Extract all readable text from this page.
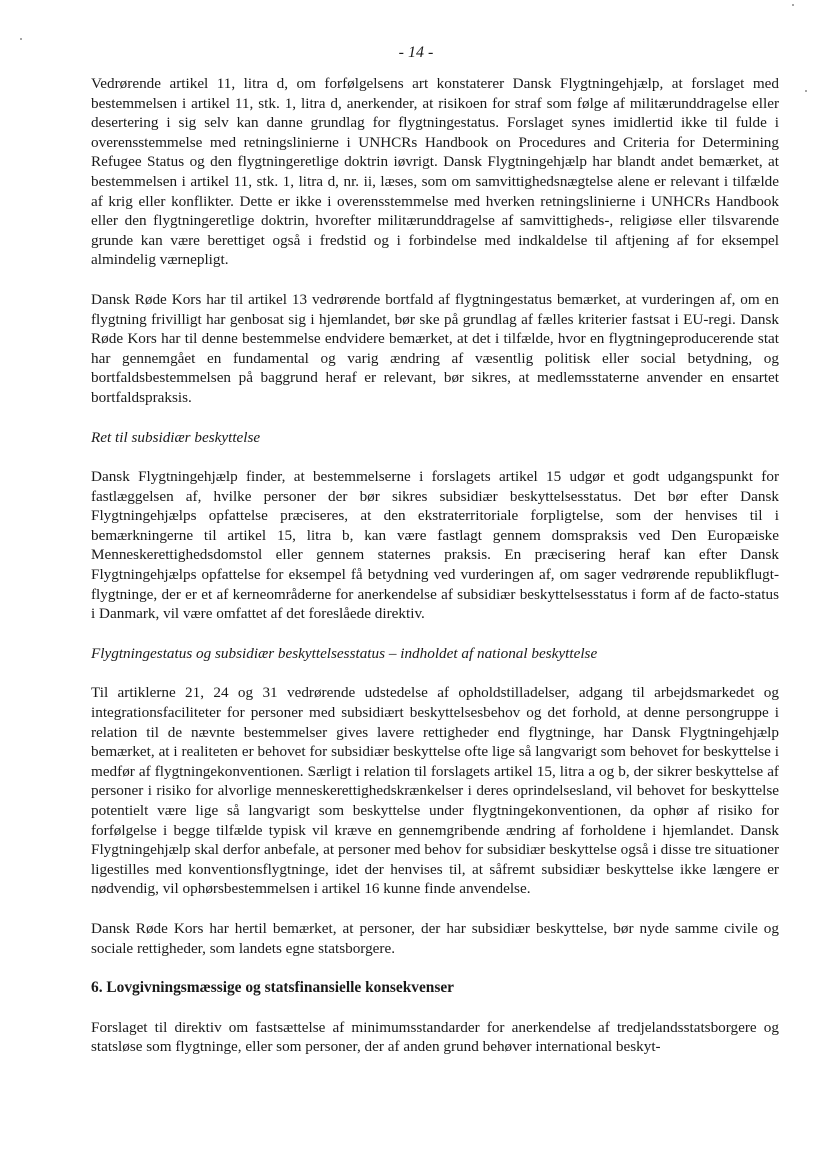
- 14 -

Vedrørende artikel 11, litra d, om forfølgelsens art konstaterer Dansk Flygtningehjælp, at forslaget med bestemmelsen i artikel 11, stk. 1, litra d, anerkender, at risikoen for straf som følge af militærunddragelse eller desertering i sig selv kan danne grundlag for flygtningestatus. Forslaget synes imidlertid ikke til fulde i overensstemmelse med retningslinierne i UNHCRs Handbook on Procedures and Criteria for Determining Refugee Status og den flygtningeretlige doktrin iøvrigt. Dansk Flygtningehjælp har blandt andet bemærket, at bestemmelsen i artikel 11, stk. 1, litra d, nr. ii, læses, som om samvittighedsnægtelse alene er relevant i tilfælde af krig eller konflikter. Dette er ikke i overensstemmelse med hverken retningslinierne i UNHCRs Handbook eller den flygtningeretlige doktrin, hvorefter militærunddragelse af samvittigheds-, religiøse eller tilsvarende grunde kan være berettiget også i fredstid og i forbindelse med indkaldelse til aftjening af for eksempel almindelig værnepligt.

Dansk Røde Kors har til artikel 13 vedrørende bortfald af flygtningestatus bemærket, at vurderingen af, om en flygtning frivilligt har genbosat sig i hjemlandet, bør ske på grundlag af fælles kriterier fastsat i EU-regi. Dansk Røde Kors har til denne bestemmelse endvidere bemærket, at det i tilfælde, hvor en flygtningeproducerende stat har gennemgået en fundamental og varig ændring af væsentlig politisk eller social betydning, og bortfaldsbestemmelsen på baggrund heraf er relevant, bør sikres, at medlemsstaterne anvender en ensartet bortfaldspraksis.

Ret til subsidiær beskyttelse

Dansk Flygtningehjælp finder, at bestemmelserne i forslagets artikel 15 udgør et godt udgangspunkt for fastlæggelsen af, hvilke personer der bør sikres subsidiær beskyttelsesstatus. Det bør efter Dansk Flygtningehjælps opfattelse præciseres, at den ekstraterritoriale forpligtelse, som der henvises til i bemærkningerne til artikel 15, litra b, kan være fastlagt gennem domspraksis ved Den Europæiske Menneskerettighedsdomstol eller gennem staternes praksis. En præcisering heraf kan efter Dansk Flygtningehjælps opfattelse for eksempel få betydning ved vurderingen af, om sager vedrørende republikflugt-flygtninge, der er et af kerneområderne for anerkendelse af subsidiær beskyttelsesstatus i form af de facto-status i Danmark, vil være omfattet af det foreslåede direktiv.

Flygtningestatus og subsidiær beskyttelsesstatus – indholdet af national beskyttelse

Til artiklerne 21, 24 og 31 vedrørende udstedelse af opholdstilladelser, adgang til arbejdsmarkedet og integrationsfaciliteter for personer med subsidiært beskyttelsesbehov og det forhold, at denne persongruppe i relation til de nævnte bestemmelser gives lavere rettigheder end flygtninge, har Dansk Flygtningehjælp bemærket, at i realiteten er behovet for subsidiær beskyttelse ofte lige så langvarigt som behovet for beskyttelse i medfør af flygtningekonventionen. Særligt i relation til forslagets artikel 15, litra a og b, der sikrer beskyttelse af personer i risiko for alvorlige menneskerettighedskrænkelser i deres oprindelsesland, vil behovet for beskyttelse potentielt være lige så langvarigt som beskyttelse under flygtningekonventionen, da ophør af risiko for forfølgelse i begge tilfælde typisk vil kræve en gennemgribende ændring af forholdene i hjemlandet. Dansk Flygtningehjælp skal derfor anbefale, at personer med behov for subsidiær beskyttelse også i disse tre situationer ligestilles med konventionsflygtninge, idet der henvises til, at såfremt subsidiær beskyttelse ikke længere er nødvendig, vil ophørsbestemmelsen i artikel 16 kunne finde anvendelse.

Dansk Røde Kors har hertil bemærket, at personer, der har subsidiær beskyttelse, bør nyde samme civile og sociale rettigheder, som landets egne statsborgere.

6. Lovgivningsmæssige og statsfinansielle konsekvenser

Forslaget til direktiv om fastsættelse af minimumsstandarder for anerkendelse af tredjelandsstatsborgere og statsløse som flygtninge, eller som personer, der af anden grund behøver international beskyt-
